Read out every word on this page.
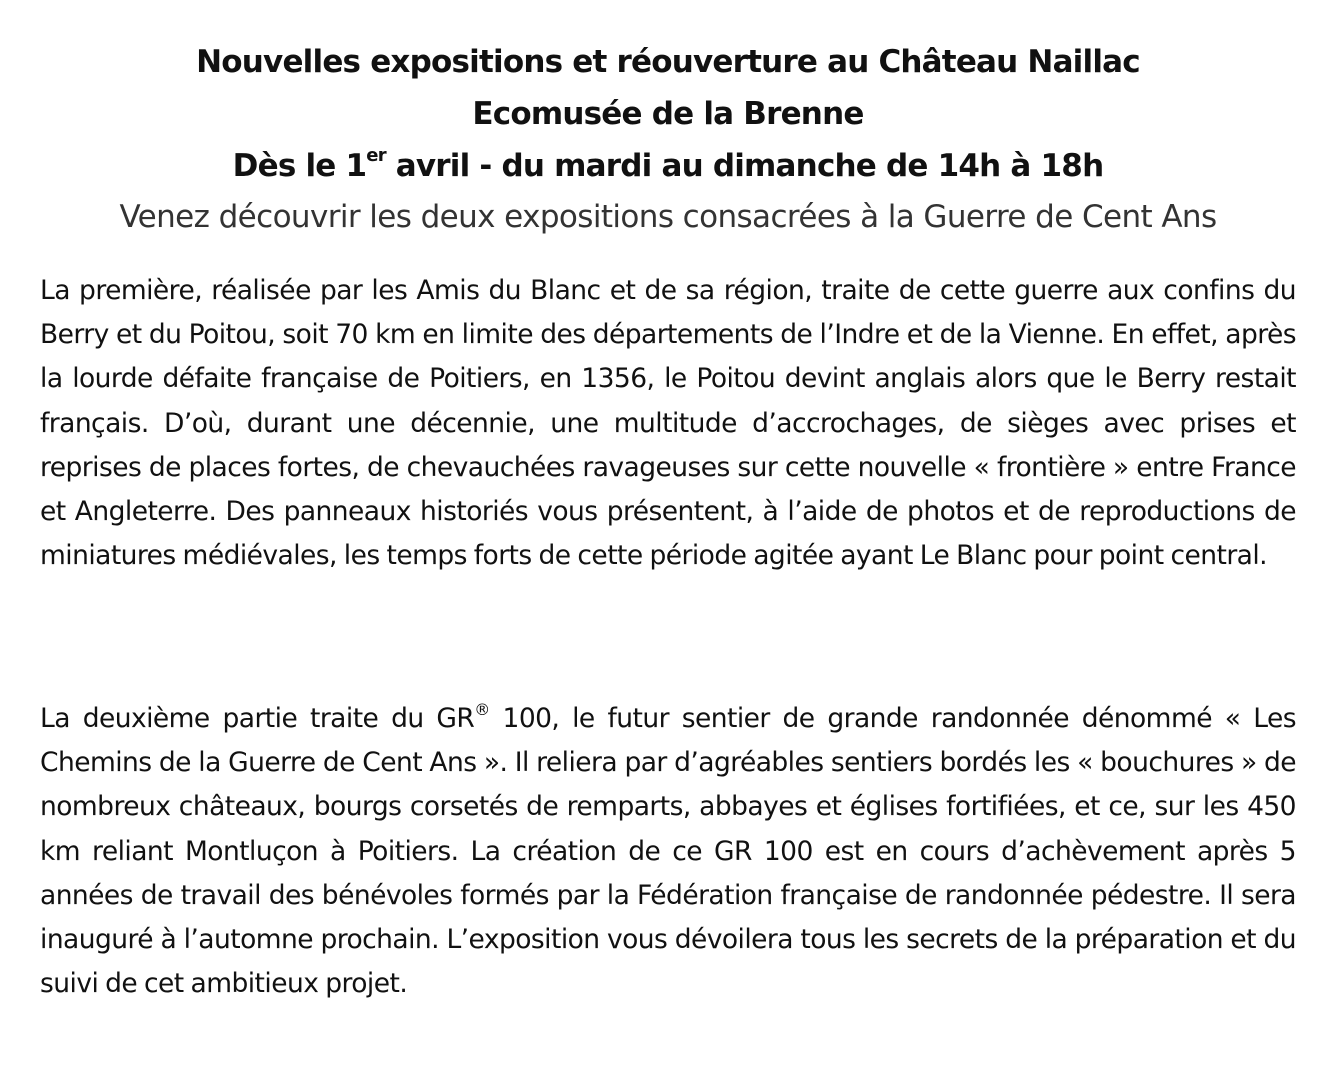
Nouvelles expositions et réouverture au Château Naillac
Ecomusée de la Brenne
Dès le 1er avril - du mardi au dimanche de 14h à 18h
Venez découvrir les deux expositions consacrées à la Guerre de Cent Ans

La première, réalisée par les Amis du Blanc et de sa région, traite de cette guerre aux confins du Berry et du Poitou, soit 70 km en limite des départements de l’Indre et de la Vienne. En effet, après la lourde défaite française de Poitiers, en 1356, le Poitou devint anglais alors que le Berry restait français. D’où, durant une décennie, une multitude d’accrochages, de sièges avec prises et reprises de places fortes, de chevauchées ravageuses sur cette nouvelle « frontière » entre France et Angleterre. Des panneaux historiés vous présentent, à l’aide de photos et de reproductions de miniatures médiévales, les temps forts de cette période agitée ayant Le Blanc pour point central.

La deuxième partie traite du GR® 100, le futur sentier de grande randonnée dénommé « Les Chemins de la Guerre de Cent Ans ». Il reliera par d’agréables sentiers bordés les « bouchures » de nombreux châteaux, bourgs corsetés de remparts, abbayes et églises fortifiées, et ce, sur les 450 km reliant Montluçon à Poitiers. La création de ce GR 100 est en cours d’achèvement après 5 années de travail des bénévoles formés par la Fédération française de randonnée pédestre. Il sera inauguré à l’automne prochain. L’exposition vous dévoilera tous les secrets de la préparation et du suivi de cet ambitieux projet.
